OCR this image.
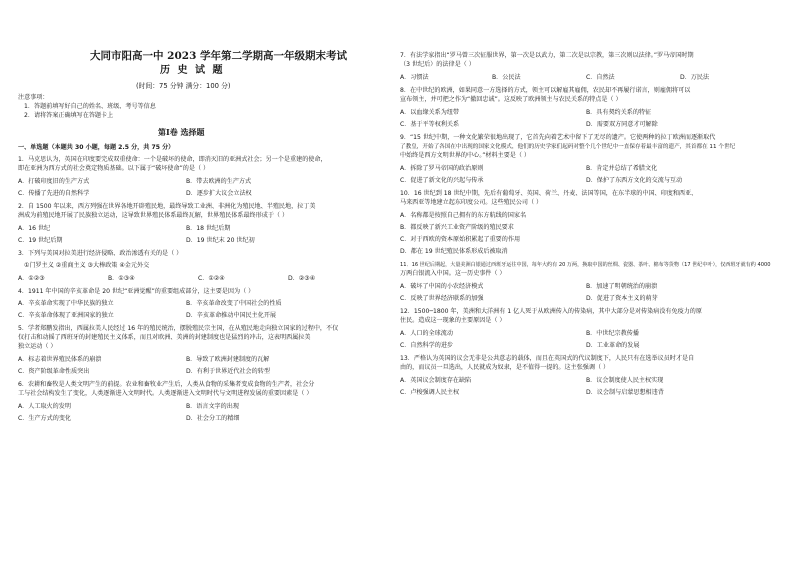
大同市阳高一中 2023 学年第二学期高一年级期末考试
历 史 试 题
(时间：75 分钟 满分：100 分)
注意事项：
1．答题前填写好自己的姓名、班级、考号等信息
2．请将答案正确填写在答题卡上
第Ⅰ卷 选择题
一、单选题（本题共 30 小题，每题 2.5 分，共 75 分）
1．马克思认为，英国在印度要完成双重使命：一个是破坏的使命，即消灭旧的亚洲式社会；另一个是重建的使命，
即在亚洲为西方式的社会奠定物质基础。以下属于“破坏使命”的是（ ）
A．打破印度旧的生产方式	B．带去欧洲的生产方式
C．传播了先进的自然科学	D．逐步扩大议会立法权
2．自 1500 年以来，西方列强在世界各地开辟殖民地，最终导致工业洲、非洲化为殖民地、半殖民地，拉丁美
洲成为前殖民地开展了民族独立运动，这导致世界殖民体系最终瓦解，世界殖民体系最终形成于（ ）
A．16 世纪	B．18 世纪后期
C．19 世纪后期	D．19 世纪末 20 世纪初
3．下列与美国对拉美进行经济侵略、政治渗透有关的是（ ）
①门罗主义 ②重商主义 ③大棒政策 ④金元外交
A．①②③	B．①③④	C．①②④	D．②③④
4．1911 年中国的辛亥革命是 20 世纪“亚洲觉醒”的重要组成部分，这主要是因为（ ）
A．辛亥革命实现了中华民族的独立	B．辛亥革命改变了中国社会的性质
C．辛亥革命体现了亚洲国家的独立	D．辛亥革命推动中国民主化开展
5．学者郑鹏发指出，西属拉美人民经过 16 年的殖民统治，摆脱殖民宗主国，在从殖民地走向独立国家的过程中，不仅
仅打击和动摇了西班牙的封建殖民主义体系，而且对欧洲、美洲的封建制度也是猛烈的冲击，这表明西属拉美
独立运动（ ）
A．标志着世界殖民体系的崩溃	B．导致了欧洲封建制度的瓦解
C．资产阶级革命性质突出	D．有利于世界近代社会的转型
6．农耕和畜牧是人类文明产生的前提。农业和畜牧业产生后，人类从食物的采集者变成食物的生产者，社会分
工与社会结构发生了变化，人类逐渐进入文明时代。人类逐渐进入文明时代与文明进程发展的重要因素是（ ）
A．人工取火的发明	B．语言文字的出现
C．生产方式的变化	D．社会分工的精细
7．有法学家指出“罗马曾三次征服世界，第一次是以武力，第二次是以宗教，第三次则以法律。”罗马帝国时期
（3 世纪后）的法律是（ ）
A．习惯法	B．公民法	C．自然法	D．万民法
8．在中世纪的欧洲，如果同意一方选择的方式，领主可以解雇其雇佣，农民却不再履行诺言，则雇佣将可以
宣布领主，并可把之作为“撤回忠诚”。这反映了欧洲领主与农民关系的特点是（ ）
A．以血缘关系为纽带	B．具有契约关系的特征
C．基于平等权利关系	D．需要双方同意才可解除
9．“15 世纪中期，一种文化繁荣很地出现了，它首先向着艺术中留下了无尽的遗产。它使两种的拉丁欧洲而逐渐取代
了教皇，开始了各国在中出现的国家文化模式，他们的历史学家们起码对整个几个世纪中一直保存着最丰富的遗产，其首都在 11 个世纪
中始终是西方文明世界的中心。”材料主要是（ ）
A．拆除了罗马帝国的政治原则	B．肯定并总结了希腊文化
C．促进了新文化的兴起与传承	D．保护了东西方文化的交流与互动
10．16 世纪到 18 世纪中期，先后有葡萄牙、英国、荷兰、丹麦、法国等国，在东半球的中国、印度和西亚、
马来西亚等地建立起东印度公司。这些殖民公司（ ）
A．名称都是按照自己拥有的东方航线的国家名
B．都反映了新兴工业资产阶级的殖民要求
C．对于西欧的资本原始积累起了重要的作用
D．都在 19 世纪殖民体系形成后被取消
11．16 世纪后期起，大量美洲白银通过西班牙运往中国，每年大约有 20 万两，换取中国的丝绸、瓷器、茶叶、棉布等货物（17 世纪中叶），仅西班牙就有约 4000
万两白银流入中国。这一历史事件（ ）
A．破坏了中国的小农经济模式	B．加速了明朝统治的崩溃
C．反映了世界经济联系的加强	D．促进了资本主义的萌芽
12．1500─1800 年，美洲和大洋洲有 1 亿人死于从欧洲传入的传染病，其中大部分是对传染病没有免疫力的原
住民。造成这一现象的主要原因是（ ）
A．人口的全球流动	B．中世纪宗教传播
C．自然科学的进步	D．工业革命的发展
13．严格认为英国的议会无非是公共意志的载体，而且在英国式的代议制度下，人民只有在选举议员时才是自
由的，而议员一旦选出，人民就成为奴隶，是不值得一提的。这主张强调（ ）
A．英国议会制度存在缺陷	B．议会制度使人民主权实现
C．卢梭强调人民主权	D．议会制与启蒙思想相违背
